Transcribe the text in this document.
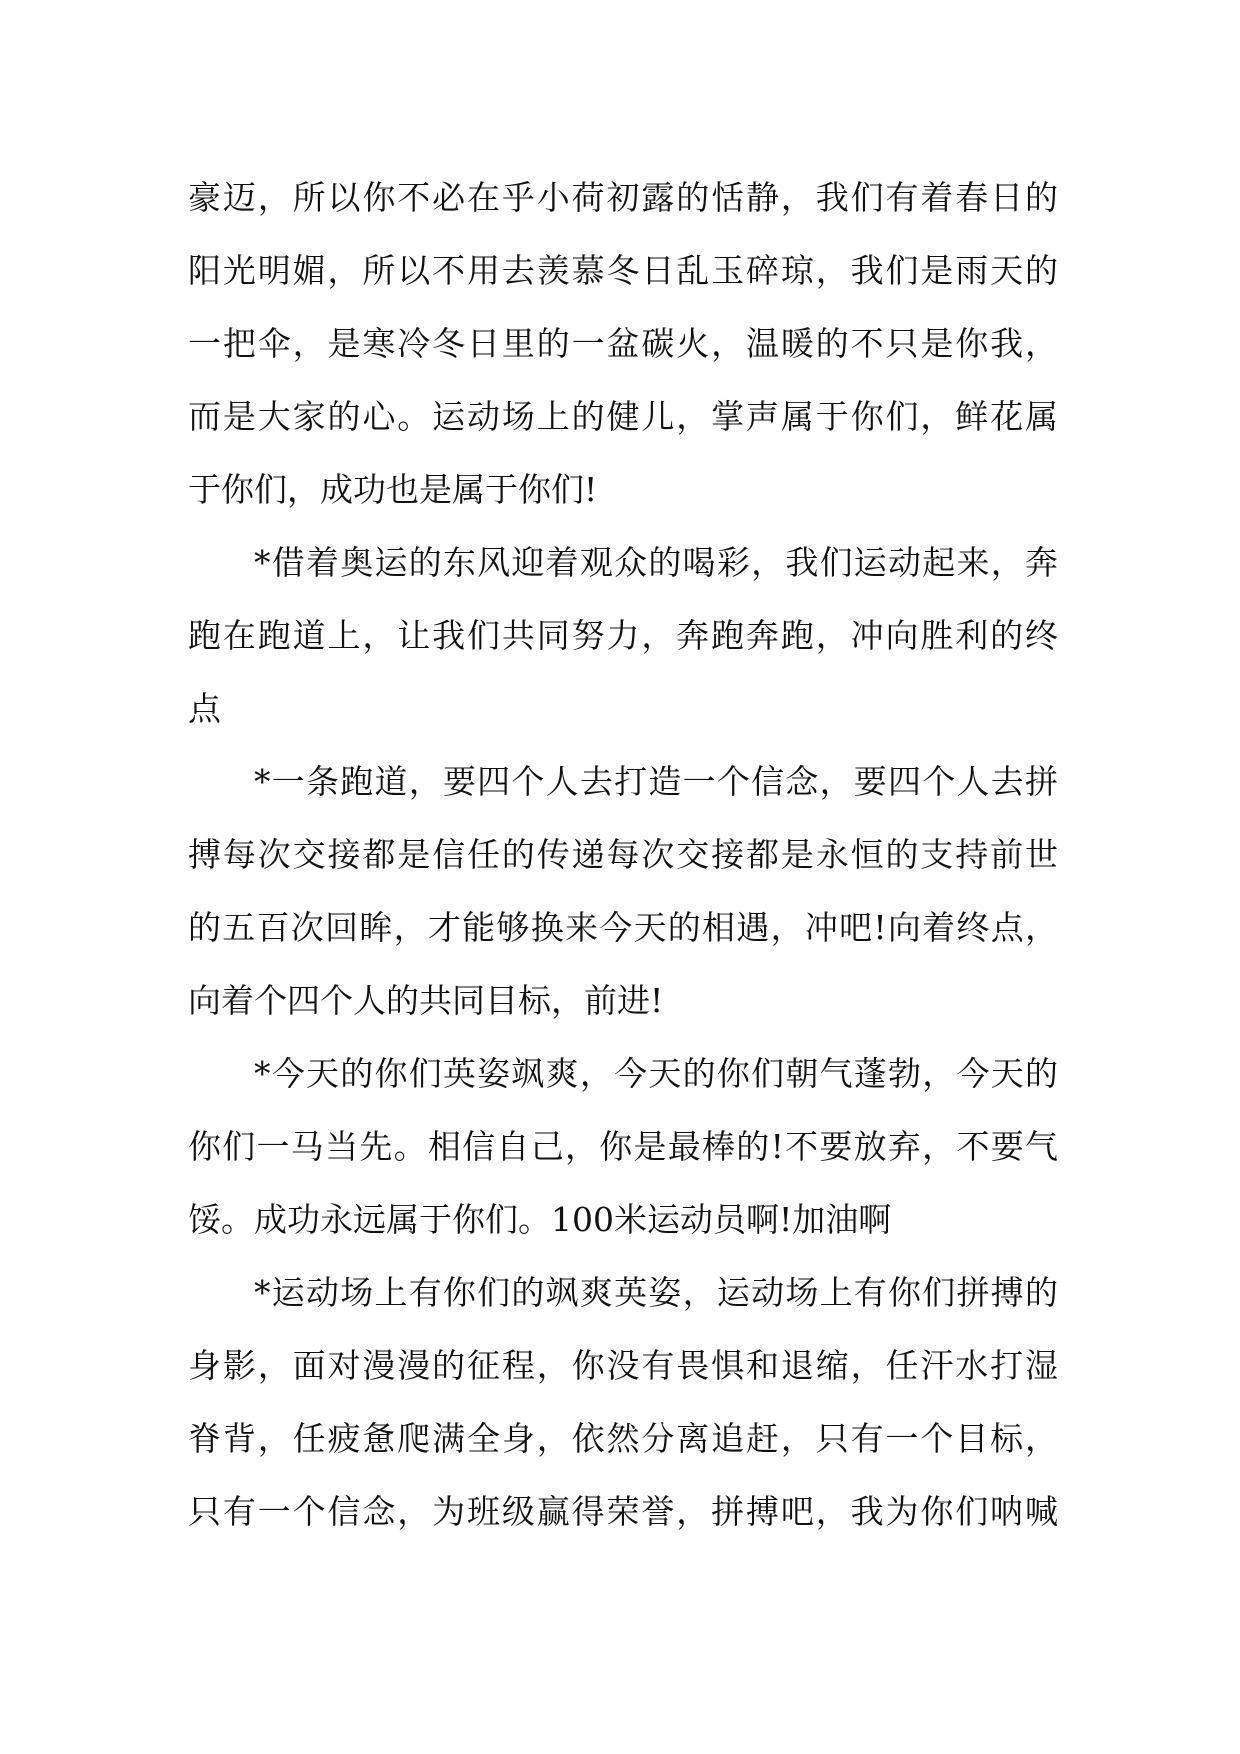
豪迈，所以你不必在乎小荷初露的恬静，我们有着春日的
阳光明媚，所以不用去羡慕冬日乱玉碎琼，我们是雨天的
一把伞，是寒冷冬日里的一盆碳火，温暖的不只是你我，
而是大家的心。运动场上的健儿，掌声属于你们，鲜花属
于你们，成功也是属于你们!
*借着奥运的东风迎着观众的喝彩，我们运动起来，奔
跑在跑道上，让我们共同努力，奔跑奔跑，冲向胜利的终
点
*一条跑道，要四个人去打造一个信念，要四个人去拼
搏每次交接都是信任的传递每次交接都是永恒的支持前世
的五百次回眸，才能够换来今天的相遇，冲吧!向着终点，
向着个四个人的共同目标，前进!
*今天的你们英姿飒爽，今天的你们朝气蓬勃，今天的
你们一马当先。相信自己，你是最棒的!不要放弃，不要气
馁。成功永远属于你们。100米运动员啊!加油啊
*运动场上有你们的飒爽英姿，运动场上有你们拼搏的
身影，面对漫漫的征程，你没有畏惧和退缩，任汗水打湿
脊背，任疲惫爬满全身，依然分离追赶，只有一个目标，
只有一个信念，为班级赢得荣誉，拼搏吧，我为你们呐喊
